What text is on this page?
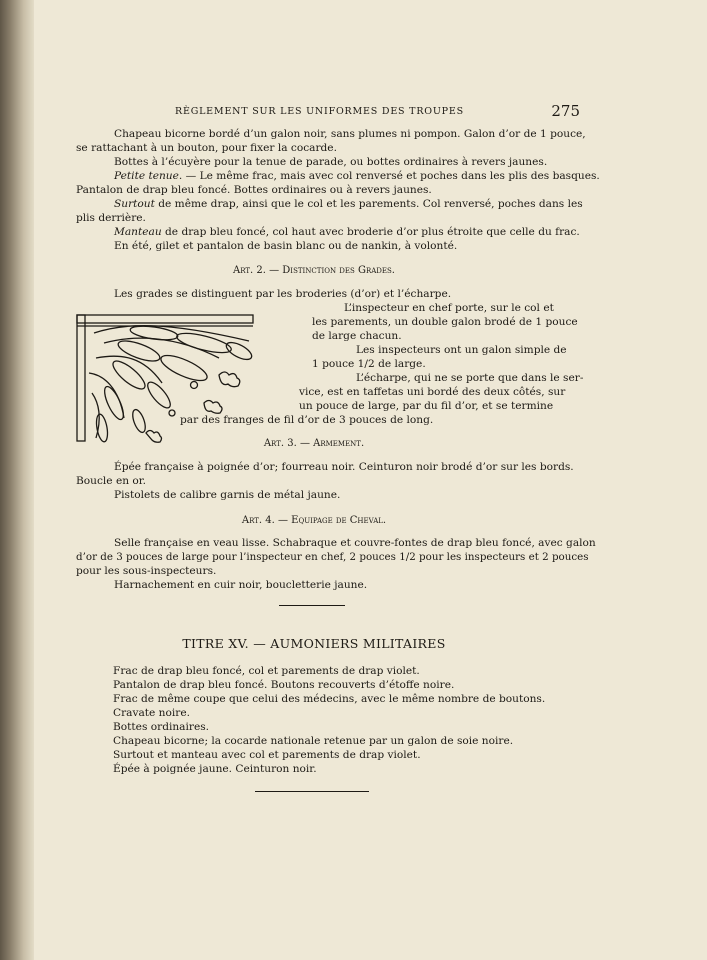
RÈGLEMENT SUR LES UNIFORMES DES TROUPES	275
Chapeau bicorne bordé d’un galon noir, sans plumes ni pompon. Galon d’or de 1 pouce,
se rattachant à un bouton, pour fixer la cocarde.
Bottes à l’écuyère pour la tenue de parade, ou bottes ordinaires à revers jaunes.
Petite tenue. — Le même frac, mais avec col renversé et poches dans les plis des basques.
Pantalon de drap bleu foncé. Bottes ordinaires ou à revers jaunes.
Surtout de même drap, ainsi que le col et les parements. Col renversé, poches dans les
plis derrière.
Manteau de drap bleu foncé, col haut avec broderie d’or plus étroite que celle du frac.
En été, gilet et pantalon de basin blanc ou de nankin, à volonté.
Art. 2. — Distinction des Grades.
Les grades se distinguent par les broderies (d’or) et l’écharpe.
L’inspecteur en chef porte, sur le col et
les parements, un double galon brodé de 1 pouce
de large chacun.
Les inspecteurs ont un galon simple de
1 pouce 1/2 de large.
L’écharpe, qui ne se porte que dans le ser-
vice, est en taffetas uni bordé des deux côtés, sur
un pouce de large, par du fil d’or, et se termine
par des franges de fil d’or de 3 pouces de long.
Art. 3. — Armement.
Épée française à poignée d’or; fourreau noir. Ceinturon noir brodé d’or sur les bords.
Boucle en or.
Pistolets de calibre garnis de métal jaune.
Art. 4. — Equipage de Cheval.
Selle française en veau lisse. Schabraque et couvre-fontes de drap bleu foncé, avec galon
d’or de 3 pouces de large pour l’inspecteur en chef, 2 pouces 1/2 pour les inspecteurs et 2 pouces
pour les sous-inspecteurs.
Harnachement en cuir noir, boucletterie jaune.
TITRE XV. — AUMONIERS MILITAIRES
Frac de drap bleu foncé, col et parements de drap violet.
Pantalon de drap bleu foncé. Boutons recouverts d’étoffe noire.
Frac de même coupe que celui des médecins, avec le même nombre de boutons.
Cravate noire.
Bottes ordinaires.
Chapeau bicorne; la cocarde nationale retenue par un galon de soie noire.
Surtout et manteau avec col et parements de drap violet.
Épée à poignée jaune. Ceinturon noir.
